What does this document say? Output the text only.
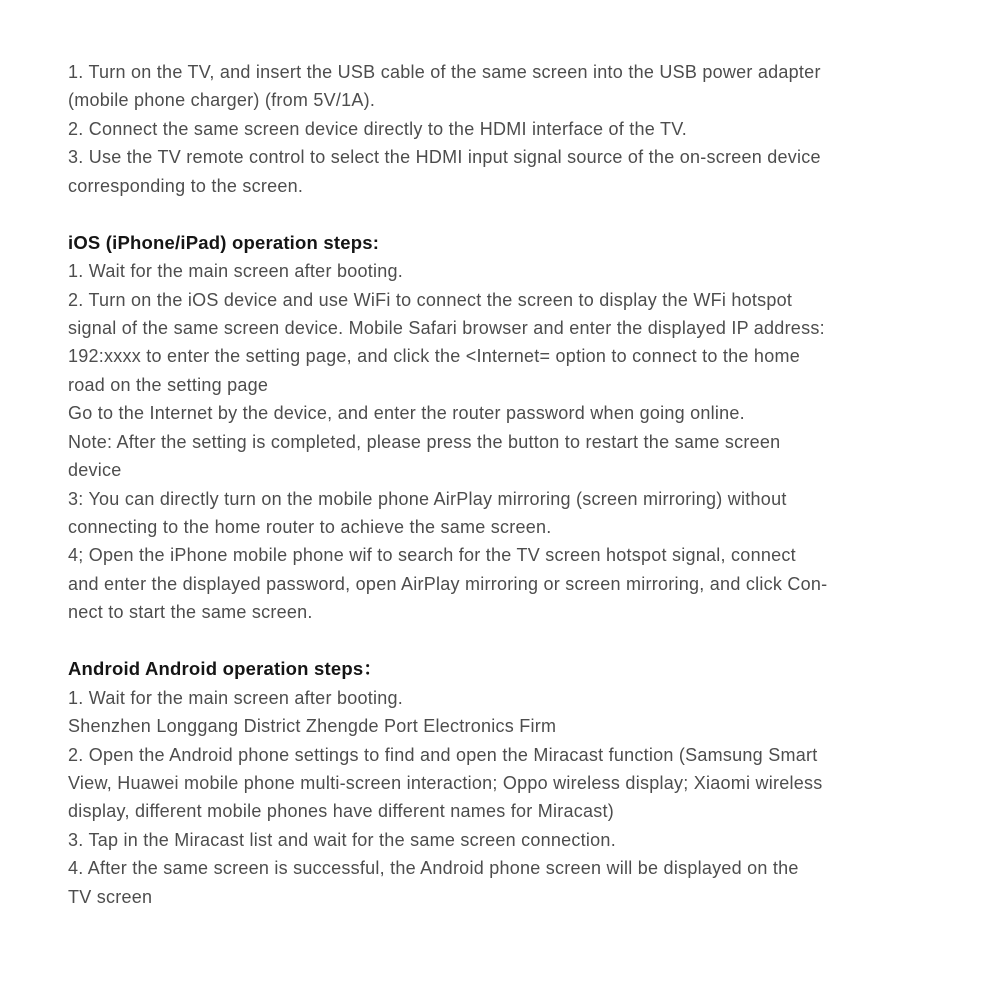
1. Turn on the TV, and insert the USB cable of the same screen into the USB power adapter
(mobile phone charger) (from 5V/1A).
2. Connect the same screen device directly to the HDMI interface of the TV.
3. Use the TV remote control to select the HDMI input signal source of the on-screen device
corresponding to the screen.
iOS (iPhone/iPad) operation steps:
1. Wait for the main screen after booting.
2. Turn on the iOS device and use WiFi to connect the screen to display the WFi hotspot
signal of the same screen device. Mobile Safari browser and enter the displayed IP address:
192:xxxx to enter the setting page, and click the <Internet= option to connect to the home
road on the setting page
Go to the Internet by the device, and enter the router password when going online.
Note: After the setting is completed, please press the button to restart the same screen
device
3: You can directly turn on the mobile phone AirPlay mirroring (screen mirroring) without
connecting to the home router to achieve the same screen.
4; Open the iPhone mobile phone wif to search for the TV screen hotspot signal, connect
and enter the displayed password, open AirPlay mirroring or screen mirroring, and click Con-
nect to start the same screen.
Android Android operation steps：
1. Wait for the main screen after booting.
Shenzhen Longgang District Zhengde Port Electronics Firm
2. Open the Android phone settings to find and open the Miracast function (Samsung Smart
View, Huawei mobile phone multi-screen interaction; Oppo wireless display; Xiaomi wireless
display, different mobile phones have different names for Miracast)
3. Tap in the Miracast list and wait for the same screen connection.
4. After the same screen is successful, the Android phone screen will be displayed on the
TV screen
